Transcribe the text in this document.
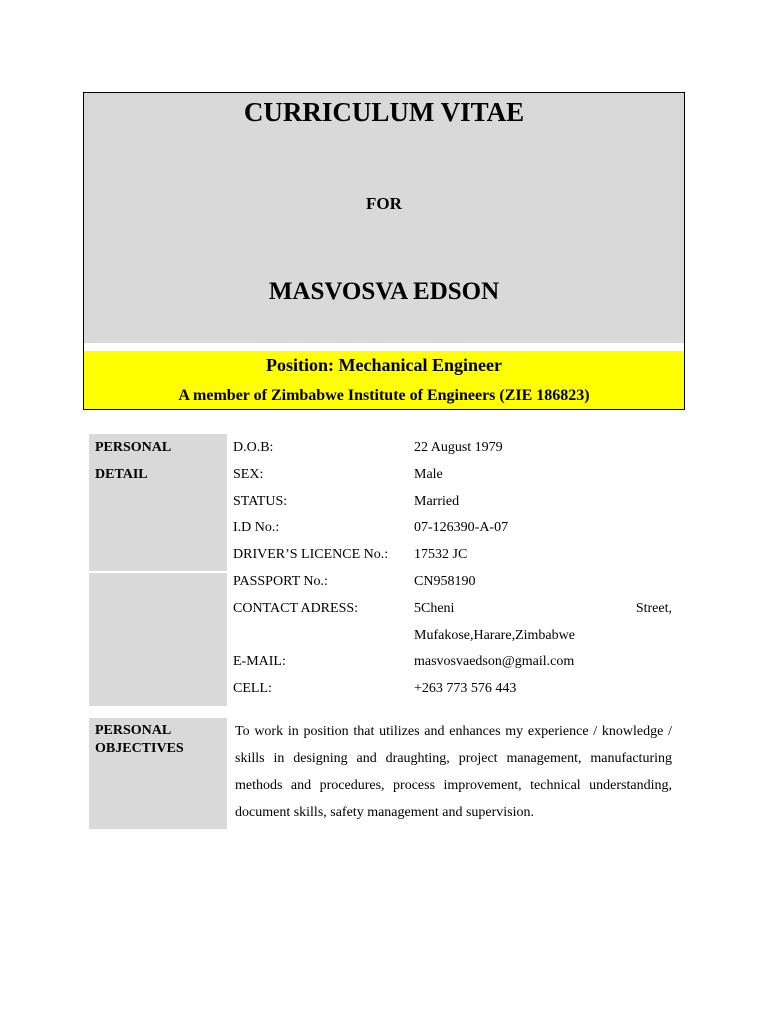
CURRICULUM VITAE
FOR
MASVOSVA EDSON
Position: Mechanical Engineer
A member of Zimbabwe Institute of Engineers (ZIE 186823)
PERSONAL
DETAIL
D.O.B:	22 August 1979
SEX:	Male
STATUS:	Married
I.D No.:	07-126390-A-07
DRIVER’S LICENCE No.: 17532 JC
PASSPORT No.:	CN958190
CONTACT ADRESS:	5Cheni	Street,
Mufakose,Harare,Zimbabwe
E-MAIL:	masvosvaedson@gmail.com
CELL:	+263 773 576 443
PERSONAL
OBJECTIVES
To work in position that utilizes and enhances my experience / knowledge / skills in designing and draughting, project management, manufacturing methods and procedures, process improvement, technical understanding, document skills, safety management and supervision.
